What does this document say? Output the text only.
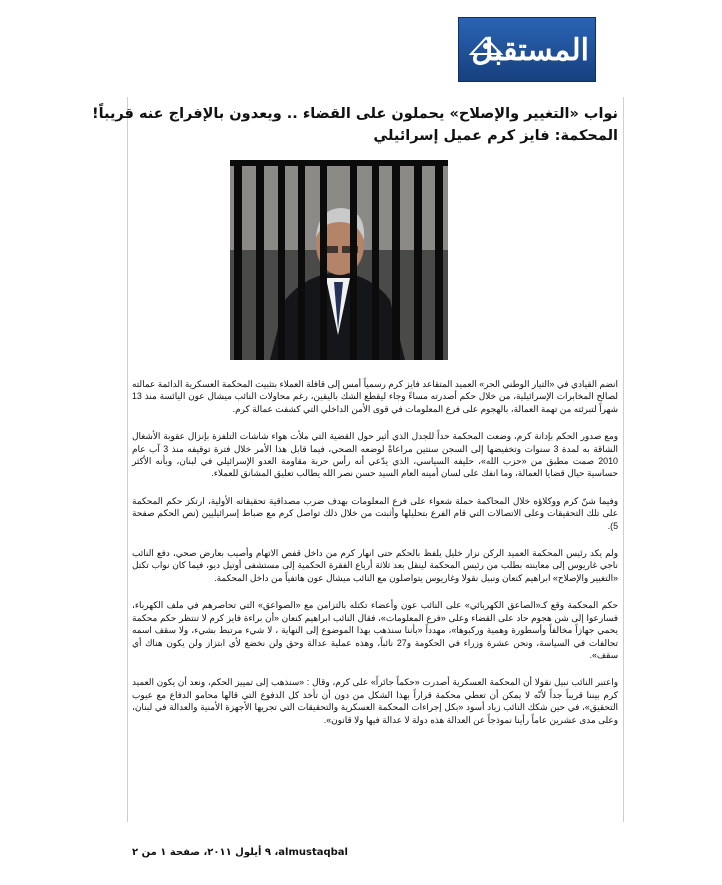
المستقبل
نواب «التغيير والإصلاح» يحملون على القضاء .. ويعدون بالإفراج عنه قريباً!
المحكمة: فايز كرم عميل إسرائيلي

انضم القيادي في «التيار الوطني الحر» العميد المتقاعد فايز كرم رسمياً أمس إلى قافلة العملاء بتثبيت المحكمة العسكرية الدائمة عمالته لصالح المخابرات الإسرائيلية، من خلال حكم أصدرته مساءً وجاء ليقطع الشك باليقين، رغم محاولات النائب ميشال عون اليائسة منذ 13 شهراً لتبرئته من تهمة العمالة، بالهجوم على فرع المعلومات في قوى الأمن الداخلي التي كشفت عمالة كرم.

ومع صدور الحكم بإدانة كرم، وضعت المحكمة حداً للجدل الذي أثير حول القضية التي ملأت هواء شاشات التلفزة بإنزال عقوبة الأشغال الشاقة به لمدة 3 سنوات وتخفيضها إلى السجن سنتين مراعاةً لوضعه الصحي، فيما قابل هذا الأمر خلال فترة توقيفه منذ 3 آب عام 2010 صمت مطبق من «حزب الله»، حليفه السياسي، الذي يدّعي أنه رأس حربة مقاومة العدو الإسرائيلي في لبنان، وبأنه الأكثر حساسية حيال قضايا العمالة، وما انفك على لسان أمينه العام السيد حسن نصر الله يطالب تعليق المشانق للعملاء.

وفيما شنّ كرم ووكلاؤه خلال المحاكمة حملة شعواء على فرع المعلومات بهدف ضرب مصداقية تحقيقاته الأولية، ارتكز حكم المحكمة على تلك التحقيقات وعلى الاتصالات التي قام الفرع بتحليلها وأثبتت من خلال ذلك تواصل كرم مع ضباط إسرائيليين (نص الحكم صفحة 5).

ولم يكد رئيس المحكمة العميد الركن نزار خليل يلفظ بالحكم حتى انهار كرم من داخل قفص الاتهام وأصيب بعارض صحي، دفع النائب ناجي غاريوس إلى معاينته بطلب من رئيس المحكمة لينقل بعد ثلاثة أرباع الفقرة الحكمية إلى مستشفى أوتيل ديو، فيما كان نواب تكتل «التغيير والإصلاح» ابراهيم كنعان ونبيل نقولا وغاريوس يتواصلون مع النائب ميشال عون هاتفياً من داخل المحكمة.

حكم المحكمة وقع كـ«الصاعق الكهربائي» على النائب عون وأعضاء تكتله بالتزامن مع «الصواعق» التي تحاصرهم في ملف الكهرباء، فسارعوا إلى شن هجوم حاد على القضاء وعلى «فرع المعلومات»، فقال النائب ابراهيم كنعان «أن براءة فايز كرم لا تنتظر حكم محكمة يحمي جهازاً مخالفاً وأسطورة وهمية وركبوها»، مهدداً «بأننا سنذهب بهذا الموضوع إلى النهاية ، لا شيء مرتبط بشيء، ولا سقف اسمه تحالفات في السياسة، ونحن عشرة وزراء في الحكومة و27 نائباً، وهذه عملية عدالة وحق ولن نخضع لأي ابتزاز ولن يكون هناك أي سقف».

واعتبر النائب نبيل نقولا أن المحكمة العسكرية أصدرت «حكماً جائراً» على كرم، وقال : «سنذهب إلى تمييز الحكم، ونعد أن يكون العميد كرم بيننا قريباً جداً لأنّه لا يمكن أن تعطي محكمة قراراً بهذا الشكل من دون أن تأخذ كل الدفوع التي قالها محامو الدفاع مع عيوب التحقيق»، في حين شكك النائب زياد أسود «بكل إجراءات المحكمة العسكرية والتحقيقات التي تجريها الأجهزة الأمنية والعدالة في لبنان، وعلى مدى عشرين عاماً رأينا نموذجاً عن العدالة هذه دولة لا عدالة فيها ولا قانون».

almustaqbal، ٩ أيلول ٢٠١١، صفحة ١ من ٢
